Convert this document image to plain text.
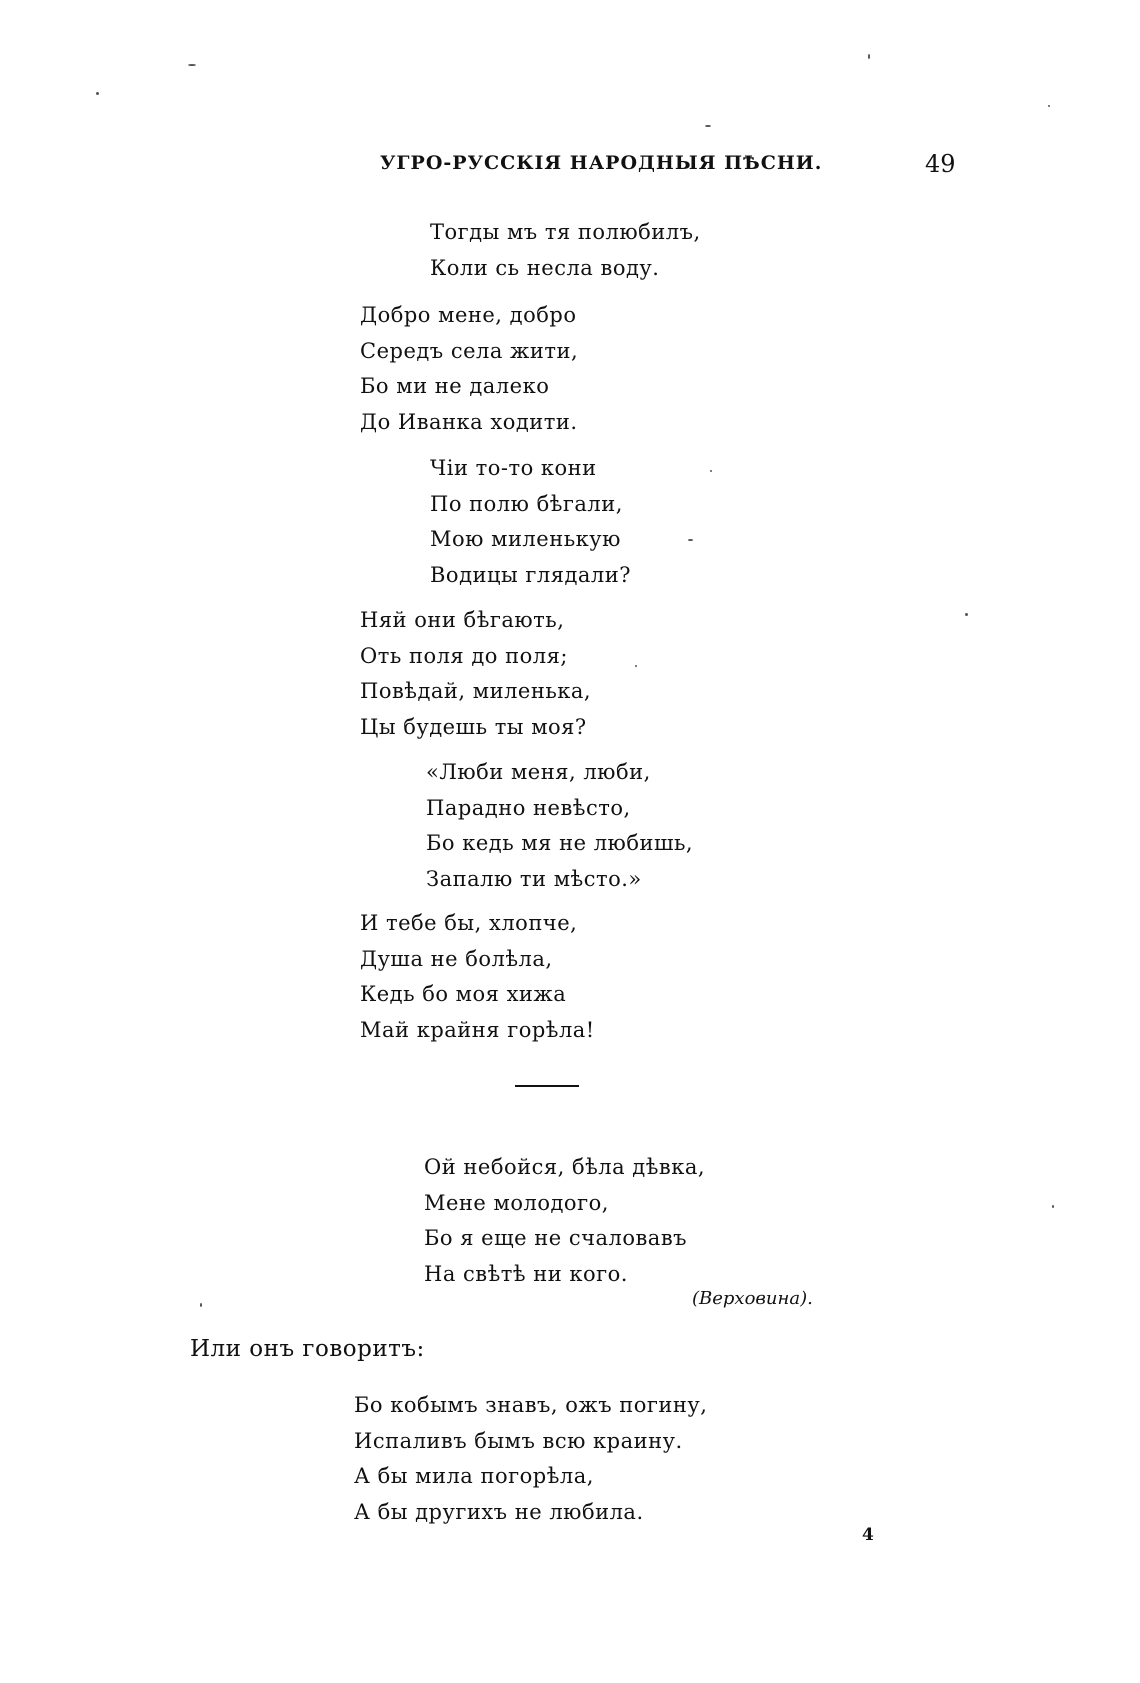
УГРО-РУССКІЯ НАРОДНЫЯ ПѢСНИ.	49
Тогды мъ тя полюбилъ,
Коли сь несла воду.
Добро мене, добро
Середъ села жити,
Бо ми не далеко
До Иванка ходити.
Чiи то-то кони
По полю бѣгали,
Мою миленькую
Водицы глядали?
Няй они бѣгають,
Оть поля до поля;
Повѣдай, миленька,
Цы будешь ты моя?
«Люби меня, люби,
Парадно невѣсто,
Бо кедь мя не любишь,
Запалю ти мѣсто.»
И тебе бы, хлопче,
Душа не болѣла,
Кедь бо моя хижа
Май крайня горѣла!
Ой небойся, бѣла дѣвка,
Мене молодого,
Бо я еще не счаловавъ
На свѣтѣ ни кого.
(Верховина).
Или онъ говоритъ:
Бо кобымъ знавъ, ожъ погину,
Испаливъ бымъ всю краину.
А бы мила погорѣла,
А бы другихъ не любила.
4
